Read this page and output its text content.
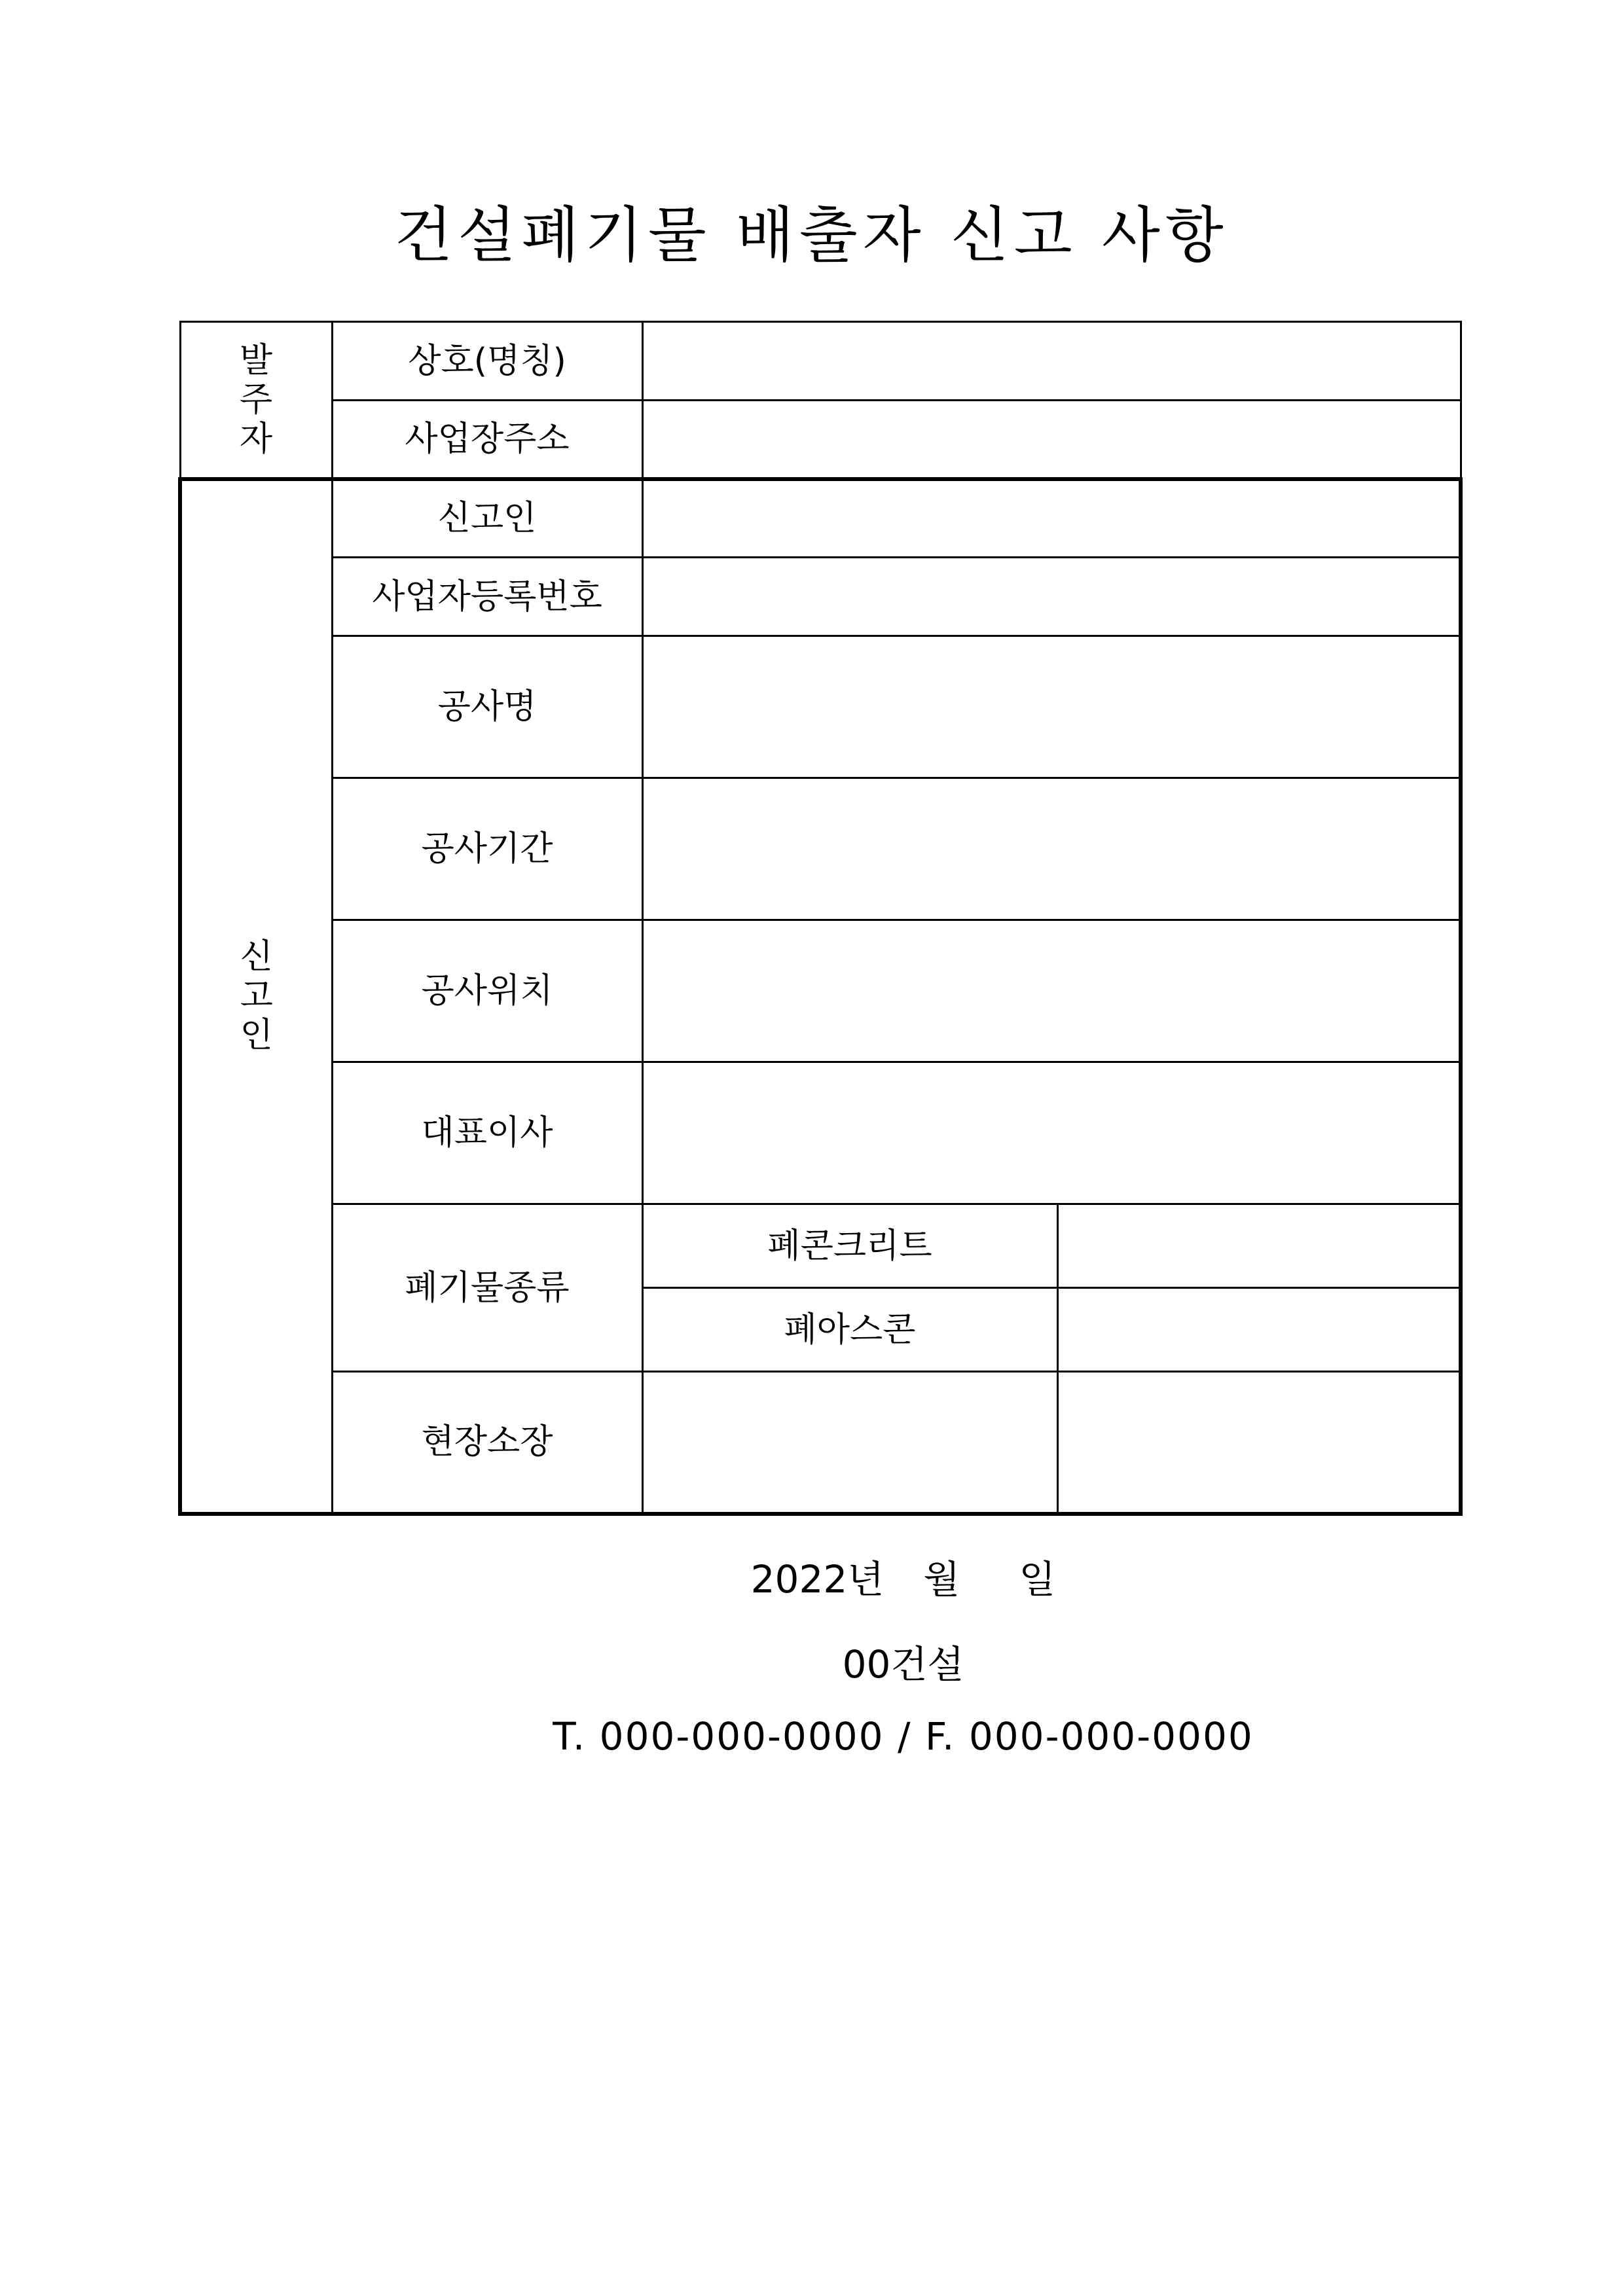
건설폐기물 배출자 신고 사항
발
주
자	상호(명칭)		
	사업장주소		

신
고
인	신고인		
	사업자등록번호		
	공사명		
	공사기간		
	공사위치		
	대표이사		
	폐기물종류	폐콘크리트	
		폐아스콘	
	현장소장		
2022년 월 일
00건설
T. 000-000-0000 / F. 000-000-0000
